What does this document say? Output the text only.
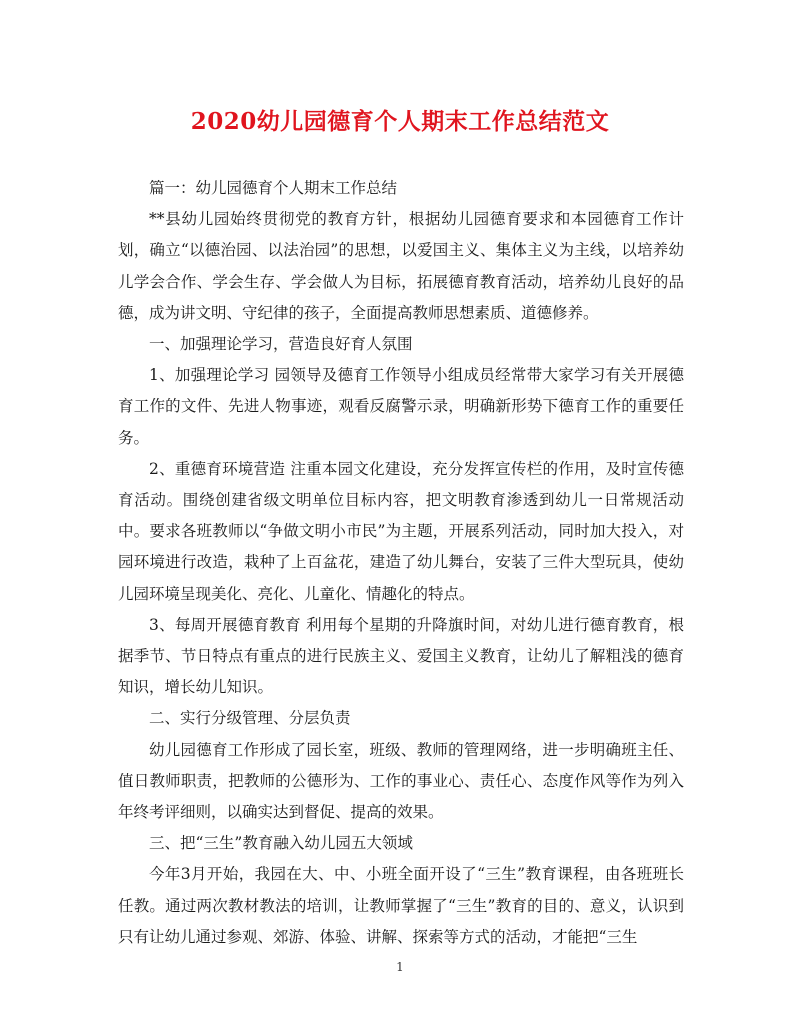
2020幼儿园德育个人期末工作总结范文

篇一：幼儿园德育个人期末工作总结

**县幼儿园始终贯彻党的教育方针，根据幼儿园德育要求和本园德育工作计划，确立“以德治园、以法治园”的思想，以爱国主义、集体主义为主线，以培养幼儿学会合作、学会生存、学会做人为目标，拓展德育教育活动，培养幼儿良好的品德，成为讲文明、守纪律的孩子，全面提高教师思想素质、道德修养。

一、加强理论学习，营造良好育人氛围

1、加强理论学习 园领导及德育工作领导小组成员经常带大家学习有关开展德育工作的文件、先进人物事迹，观看反腐警示录，明确新形势下德育工作的重要任务。

2、重德育环境营造 注重本园文化建设，充分发挥宣传栏的作用，及时宣传德育活动。围绕创建省级文明单位目标内容，把文明教育渗透到幼儿一日常规活动中。要求各班教师以“争做文明小市民”为主题，开展系列活动，同时加大投入，对园环境进行改造，栽种了上百盆花，建造了幼儿舞台，安装了三件大型玩具，使幼儿园环境呈现美化、亮化、儿童化、情趣化的特点。

3、每周开展德育教育 利用每个星期的升降旗时间，对幼儿进行德育教育，根据季节、节日特点有重点的进行民族主义、爱国主义教育，让幼儿了解粗浅的德育知识，增长幼儿知识。

二、实行分级管理、分层负责

幼儿园德育工作形成了园长室，班级、教师的管理网络，进一步明确班主任、值日教师职责，把教师的公德形为、工作的事业心、责任心、态度作风等作为列入年终考评细则，以确实达到督促、提高的效果。

三、把“三生”教育融入幼儿园五大领域

今年3月开始，我园在大、中、小班全面开设了“三生”教育课程，由各班班长任教。通过两次教材教法的培训，让教师掌握了“三生”教育的目的、意义，认识到只有让幼儿通过参观、郊游、体验、讲解、探索等方式的活动，才能把“三生

1
